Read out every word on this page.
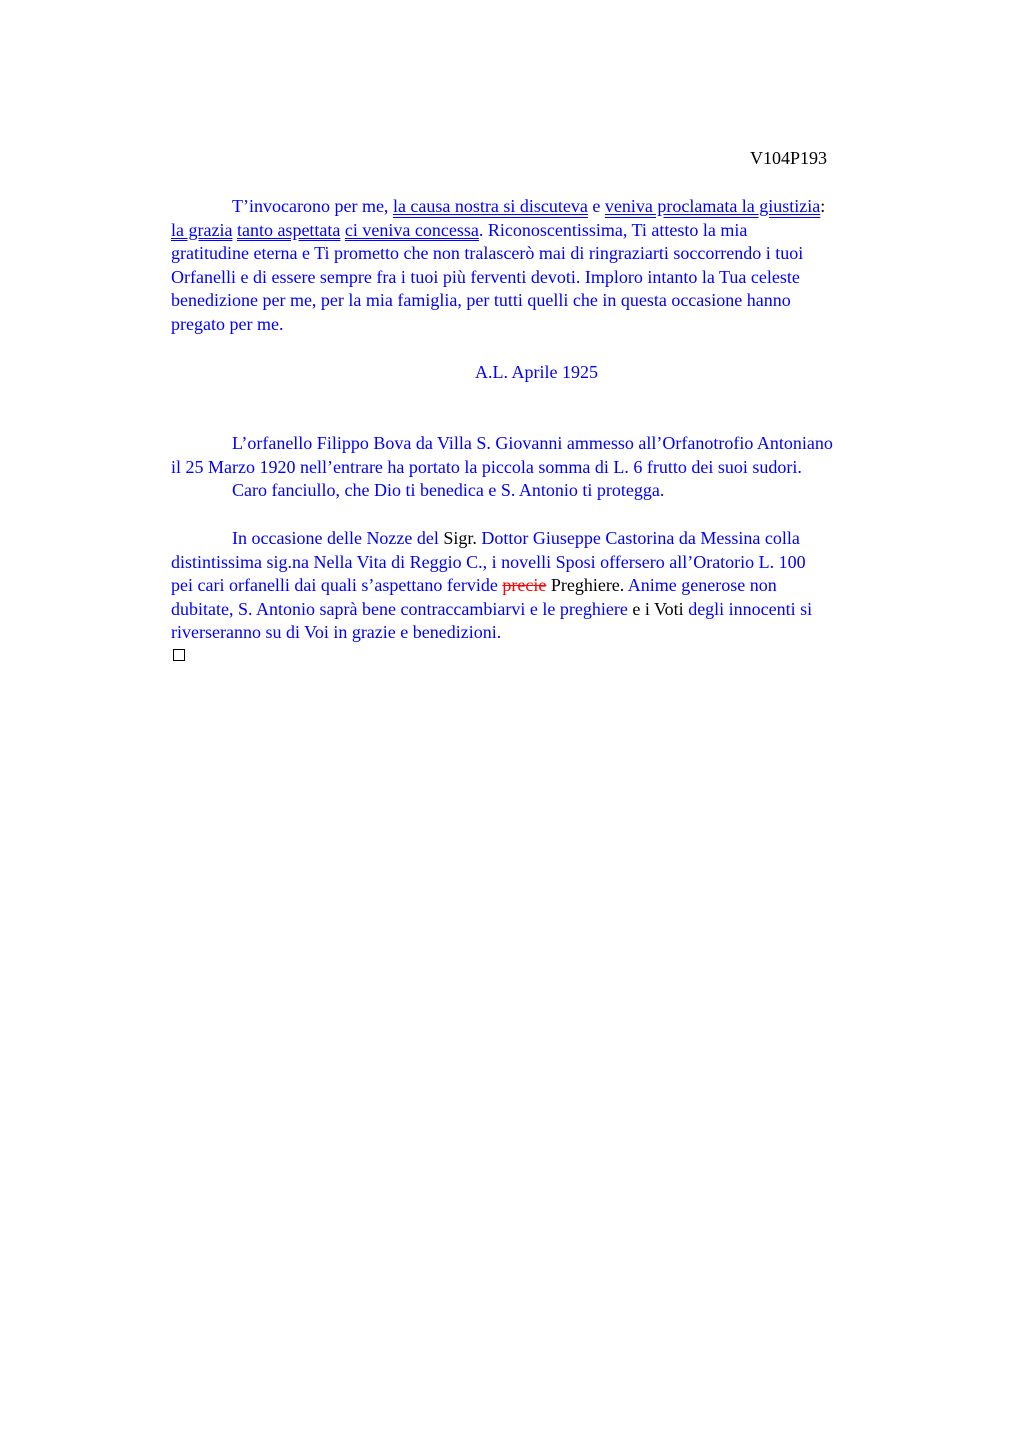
V104P193
T’invocarono per me, la causa nostra si discuteva e veniva proclamata la giustizia:
la grazia tanto aspettata ci veniva concessa. Riconoscentissima, Ti attesto la mia
gratitudine eterna e Ti prometto che non tralascerò mai di ringraziarti soccorrendo i tuoi
Orfanelli e di essere sempre fra i tuoi più ferventi devoti. Imploro intanto la Tua celeste
benedizione per me, per la mia famiglia, per tutti quelli che in questa occasione hanno
pregato per me.
A.L. Aprile 1925
L’orfanello Filippo Bova da Villa S. Giovanni ammesso all’Orfanotrofio Antoniano
il 25 Marzo 1920 nell’entrare ha portato la piccola somma di L. 6 frutto dei suoi sudori.
Caro fanciullo, che Dio ti benedica e S. Antonio ti protegga.
In occasione delle Nozze del Sigr. Dottor Giuseppe Castorina da Messina colla
distintissima sig.na Nella Vita di Reggio C., i novelli Sposi offersero all’Oratorio L. 100
pei cari orfanelli dai quali s’aspettano fervide precie Preghiere. Anime generose non
dubitate, S. Antonio saprà bene contraccambiarvi e le preghiere e i Voti degli innocenti si
riverseranno su di Voi in grazie e benedizioni.
